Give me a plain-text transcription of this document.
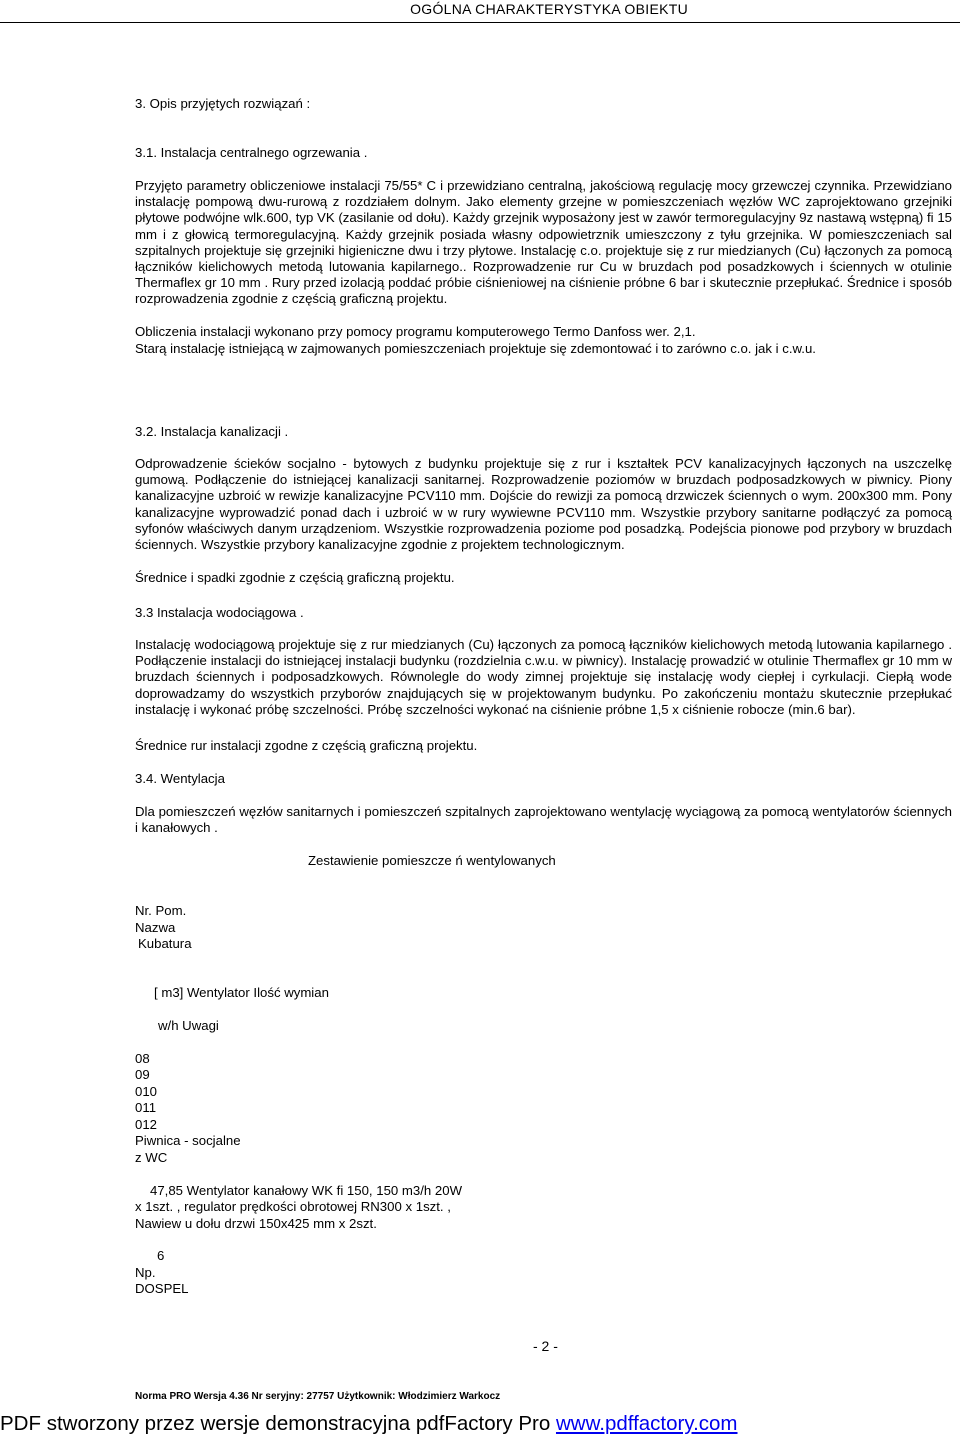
OGÓLNA CHARAKTERYSTYKA OBIEKTU
3. Opis przyjętych rozwiązań :
3.1. Instalacja centralnego ogrzewania .
Przyjęto parametry obliczeniowe instalacji 75/55* C i przewidziano centralną, jakościową regulację mocy grzewczej czynnika. Przewidziano instalację pompową dwu-rurową z rozdziałem dolnym. Jako elementy grzejne w pomieszczeniach węzłów WC zaprojektowano grzejniki płytowe podwójne wlk.600, typ VK (zasilanie od dołu). Każdy grzejnik wyposażony jest w zawór termoregulacyjny 9z nastawą wstępną) fi 15 mm i z głowicą termoregulacyjną. Każdy grzejnik posiada własny odpowietrznik umieszczony z tyłu grzejnika. W pomieszczeniach sal szpitalnych projektuje się grzejniki higieniczne dwu i trzy płytowe. Instalację c.o. projektuje się z rur miedzianych (Cu) łączonych za pomocą łączników kielichowych metodą lutowania kapilarnego.. Rozprowadzenie rur Cu w bruzdach pod posadzkowych i ściennych w otulinie Thermaflex gr 10 mm . Rury przed izolacją poddać próbie ciśnieniowej na ciśnienie próbne 6 bar i skutecznie przepłukać. Średnice i sposób rozprowadzenia zgodnie z częścią graficzną projektu.
Obliczenia instalacji wykonano przy pomocy programu komputerowego Termo Danfoss wer. 2,1.
Starą instalację istniejącą w zajmowanych pomieszczeniach projektuje się zdemontować i to zarówno c.o. jak i c.w.u.
3.2. Instalacja kanalizacji .
Odprowadzenie ścieków socjalno - bytowych z budynku projektuje się z rur i kształtek PCV kanalizacyjnych łączonych na uszczelkę gumową. Podłączenie do istniejącej kanalizacji sanitarnej. Rozprowadzenie poziomów w bruzdach podposadzkowych w piwnicy. Piony kanalizacyjne uzbroić w rewizje kanalizacyjne PCV110 mm. Dojście do rewizji za pomocą drzwiczek ściennych o wym. 200x300 mm. Pony kanalizacyjne wyprowadzić ponad dach i uzbroić w w rury wywiewne PCV110 mm. Wszystkie przybory sanitarne podłączyć za pomocą syfonów właściwych danym urządzeniom. Wszystkie rozprowadzenia poziome pod posadzką. Podejścia pionowe pod przybory w bruzdach ściennych. Wszystkie przybory kanalizacyjne zgodnie z projektem technologicznym.
Średnice i spadki zgodnie z częścią graficzną projektu.
3.3 Instalacja wodociągowa .
Instalację wodociągową projektuje się z rur miedzianych (Cu) łączonych za pomocą łączników kielichowych metodą lutowania kapilarnego . Podłączenie instalacji do istniejącej instalacji budynku (rozdzielnia c.w.u. w piwnicy). Instalację prowadzić w otulinie Thermaflex gr 10 mm w bruzdach ściennych i podposadzkowych. Równolegle do wody zimnej projektuje się instalację wody ciepłej i cyrkulacji. Ciepłą wode doprowadzamy do wszystkich przyborów znajdujących się w projektowanym budynku. Po zakończeniu montażu skutecznie przepłukać instalację i wykonać próbę szczelności. Próbę szczelności wykonać na ciśnienie próbne 1,5 x ciśnienie robocze (min.6 bar).
Średnice rur instalacji zgodne z częścią graficzną projektu.
3.4. Wentylacja
Dla pomieszczeń węzłów sanitarnych i pomieszczeń szpitalnych zaprojektowano wentylację wyciągową za pomocą wentylatorów ściennych i kanałowych .
Zestawienie pomieszcze ń wentylowanych
Nr. Pom.
Nazwa
Kubatura
[ m3] Wentylator Ilość wymian
w/h Uwagi
08
09
010
011
012
Piwnica - socjalne
z WC
47,85 Wentylator kanałowy WK fi 150, 150 m3/h 20W
x 1szt. , regulator prędkości obrotowej RN300 x 1szt. ,
Nawiew u dołu drzwi 150x425 mm x 2szt.
6
Np.
DOSPEL
- 2 -
Norma PRO Wersja 4.36 Nr seryjny: 27757 Użytkownik: Włodzimierz Warkocz
PDF stworzony przez wersje demonstracyjna pdfFactory Pro www.pdffactory.com
